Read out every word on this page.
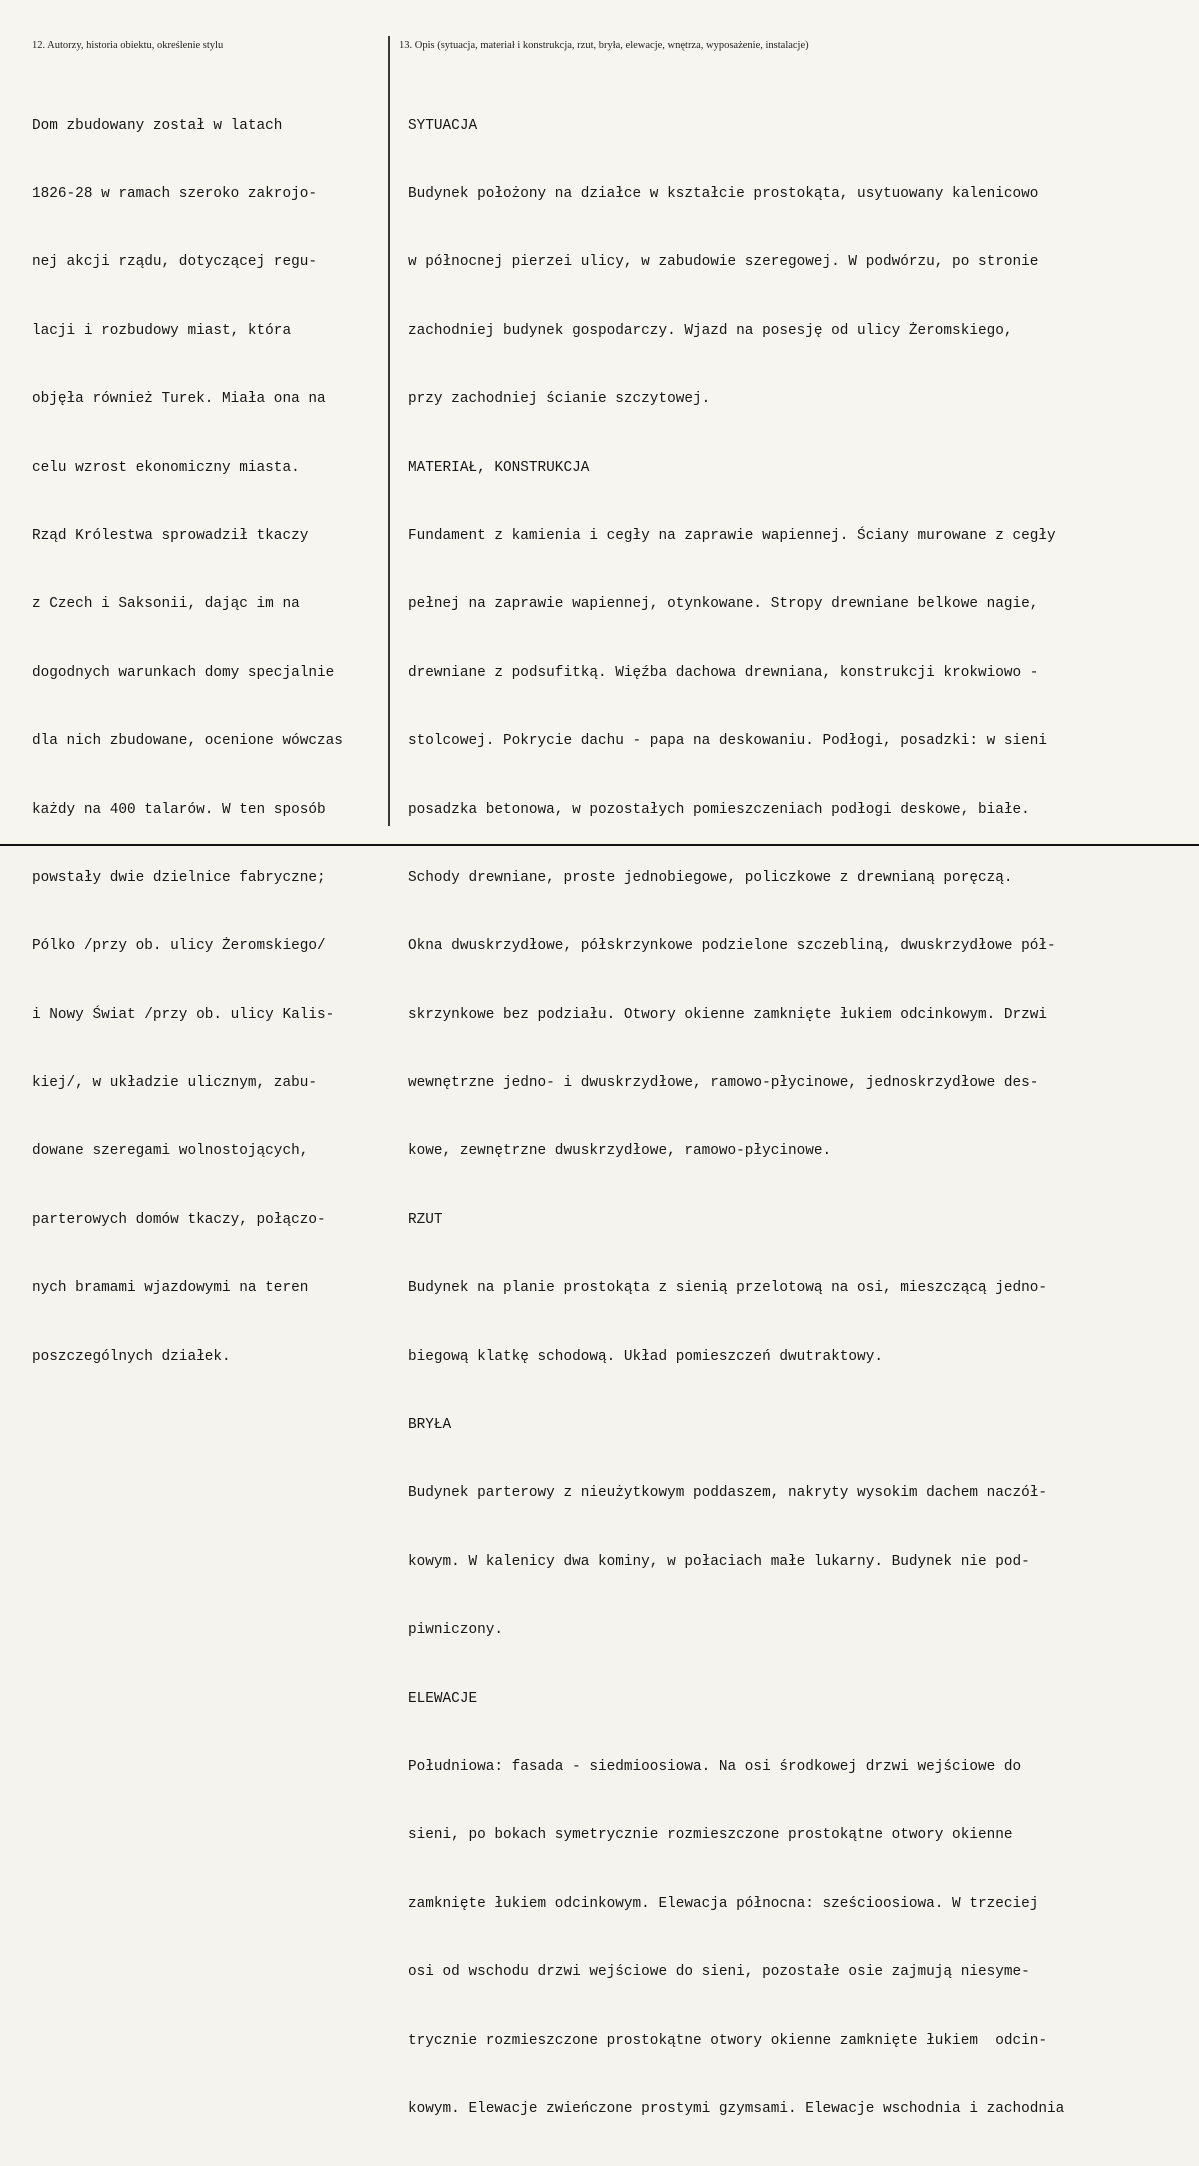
12. Autorzy, historia obiektu, określenie stylu

Dom zbudowany został w latach

1826-28 w ramach szeroko zakrojo-

nej akcji rządu, dotyczącej regu-

lacji i rozbudowy miast, która

objęła również Turek. Miała ona na

celu wzrost ekonomiczny miasta.

Rząd Królestwa sprowadził tkaczy

z Czech i Saksonii, dając im na

dogodnych warunkach domy specjalnie

dla nich zbudowane, ocenione wówczas

każdy na 400 talarów. W ten sposób

powstały dwie dzielnice fabryczne;

Pólko /przy ob. ulicy Żeromskiego/

i Nowy Świat /przy ob. ulicy Kalis-

kiej/, w układzie ulicznym, zabu-

dowane szeregami wolnostojących,

parterowych domów tkaczy, połączo-

nych bramami wjazdowymi na teren

poszczególnych działek.

13. Opis (sytuacja, materiał i konstrukcja, rzut, bryła, elewacje, wnętrza, wyposażenie, instalacje)

SYTUACJA

Budynek położony na działce w kształcie prostokąta, usytuowany kalenicowo

w północnej pierzei ulicy, w zabudowie szeregowej. W podwórzu, po stronie

zachodniej budynek gospodarczy. Wjazd na posesję od ulicy Żeromskiego,

przy zachodniej ścianie szczytowej.

MATERIAŁ, KONSTRUKCJA

Fundament z kamienia i cegły na zaprawie wapiennej. Ściany murowane z cegły

pełnej na zaprawie wapiennej, otynkowane. Stropy drewniane belkowe nagie,

drewniane z podsufitką. Więźba dachowa drewniana, konstrukcji krokwiowo -

stolcowej. Pokrycie dachu - papa na deskowaniu. Podłogi, posadzki: w sieni

posadzka betonowa, w pozostałych pomieszczeniach podłogi deskowe, białe.

Schody drewniane, proste jednobiegowe, policzkowe z drewnianą poręczą.

Okna dwuskrzydłowe, półskrzynkowe podzielone szczebliną, dwuskrzydłowe pół-

skrzynkowe bez podziału. Otwory okienne zamknięte łukiem odcinkowym. Drzwi

wewnętrzne jedno- i dwuskrzydłowe, ramowo-płycinowe, jednoskrzydłowe des-

kowe, zewnętrzne dwuskrzydłowe, ramowo-płycinowe.

RZUT

Budynek na planie prostokąta z sienią przelotową na osi, mieszczącą jedno-

biegową klatkę schodową. Układ pomieszczeń dwutraktowy.

BRYŁA

Budynek parterowy z nieużytkowym poddaszem, nakryty wysokim dachem naczół-

kowym. W kalenicy dwa kominy, w połaciach małe lukarny. Budynek nie pod-

piwniczony.

ELEWACJE

Południowa: fasada - siedmioosiowa. Na osi środkowej drzwi wejściowe do

sieni, po bokach symetrycznie rozmieszczone prostokątne otwory okienne

zamknięte łukiem odcinkowym. Elewacja północna: sześcioosiowa. W trzeciej

osi od wschodu drzwi wejściowe do sieni, pozostałe osie zajmują niesyme-

trycznie rozmieszczone prostokątne otwory okienne zamknięte łukiem  odcin-

kowym. Elewacje zwieńczone prostymi gzymsami. Elewacje wschodnia i zachodnia
